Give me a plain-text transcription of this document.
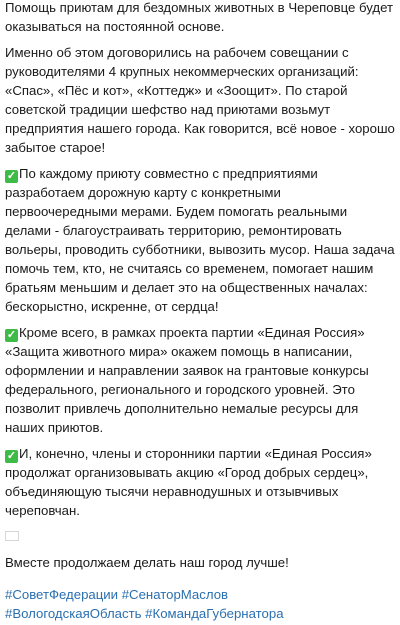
Помощь приютам для бездомных животных в Череповце будет оказываться на постоянной основе.

Именно об этом договорились на рабочем совещании с руководителями 4 крупных некоммерческих организаций: «Спас», «Пёс и кот», «Коттедж» и «Зоощит». По старой советской традиции шефство над приютами возьмут предприятия нашего города. Как говорится, всё новое - хорошо забытое старое!

✓ По каждому приюту совместно с предприятиями разработаем дорожную карту с конкретными первоочередными мерами. Будем помогать реальными делами - благоустраивать территорию, ремонтировать вольеры, проводить субботники, вывозить мусор. Наша задача помочь тем, кто, не считаясь со временем, помогает нашим братьям меньшим и делает это на общественных началах: бескорыстно, искренне, от сердца!

✓ Кроме всего, в рамках проекта партии «Единая Россия» «Защита животного мира» окажем помощь в написании, оформлении и направлении заявок на грантовые конкурсы федерального, регионального и городского уровней. Это позволит привлечь дополнительно немалые ресурсы для наших приютов.

✓ И, конечно, члены и сторонники партии «Единая Россия» продолжат организовывать акцию «Город добрых сердец», объединяющую тысячи неравнодушных и отзывчивых череповчан.

Вместе продолжаем делать наш город лучше!

#СоветФедерации #СенаторМаслов
#ВологодскаяОбласть #КомандаГубернатора
